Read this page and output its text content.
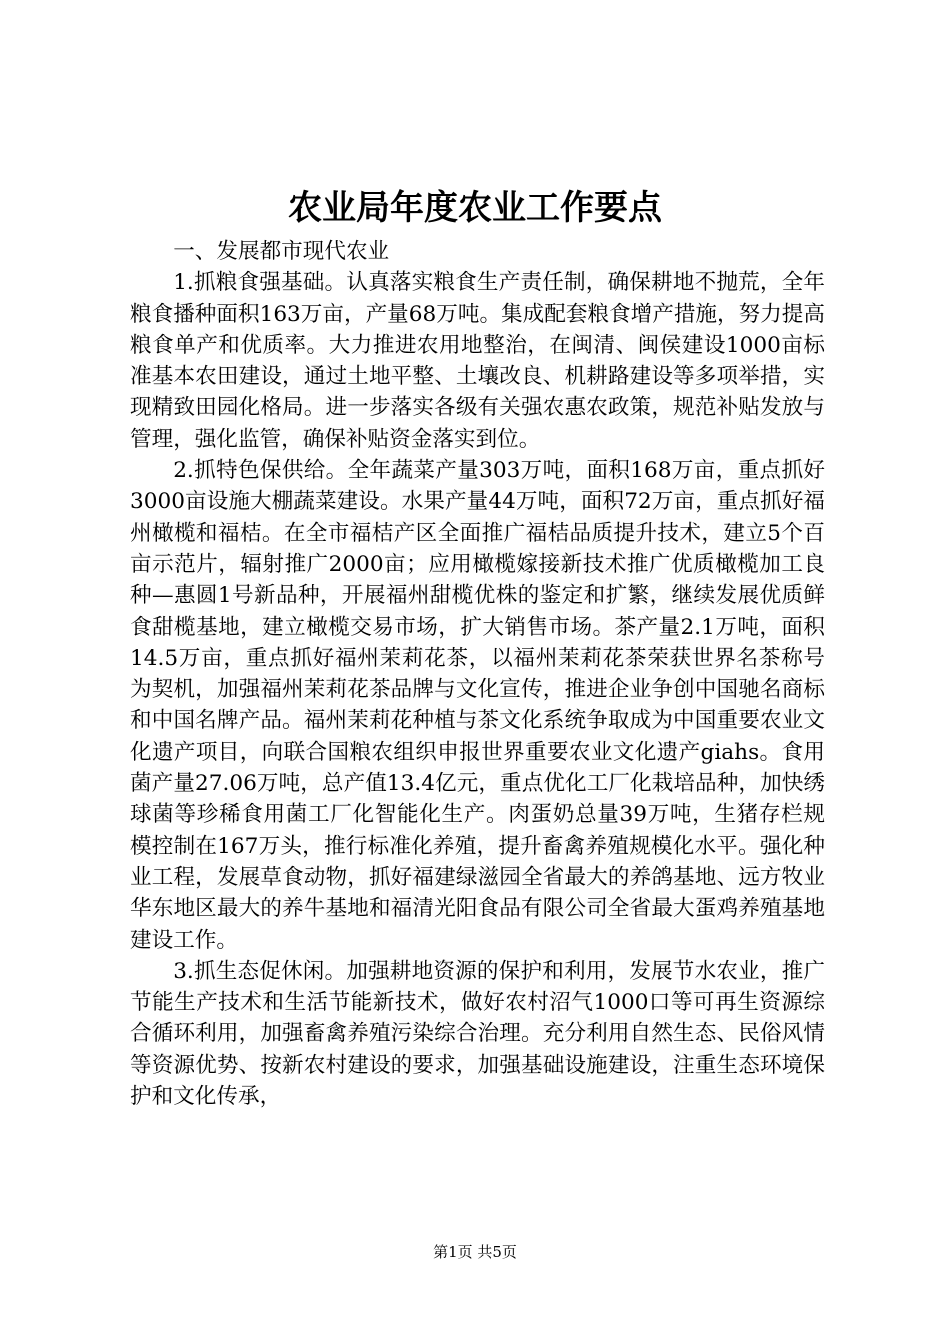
农业局年度农业工作要点

一、发展都市现代农业

1.抓粮食强基础。认真落实粮食生产责任制，确保耕地不抛荒，全年粮食播种面积163万亩，产量68万吨。集成配套粮食增产措施，努力提高粮食单产和优质率。大力推进农用地整治，在闽清、闽侯建设1000亩标准基本农田建设，通过土地平整、土壤改良、机耕路建设等多项举措，实现精致田园化格局。进一步落实各级有关强农惠农政策，规范补贴发放与管理，强化监管，确保补贴资金落实到位。

2.抓特色保供给。全年蔬菜产量303万吨，面积168万亩，重点抓好3000亩设施大棚蔬菜建设。水果产量44万吨，面积72万亩，重点抓好福州橄榄和福桔。在全市福桔产区全面推广福桔品质提升技术，建立5个百亩示范片，辐射推广2000亩；应用橄榄嫁接新技术推广优质橄榄加工良种—惠圆1号新品种，开展福州甜榄优株的鉴定和扩繁，继续发展优质鲜食甜榄基地，建立橄榄交易市场，扩大销售市场。茶产量2.1万吨，面积14.5万亩，重点抓好福州茉莉花茶，以福州茉莉花茶荣获世界名茶称号为契机，加强福州茉莉花茶品牌与文化宣传，推进企业争创中国驰名商标和中国名牌产品。福州茉莉花种植与茶文化系统争取成为中国重要农业文化遗产项目，向联合国粮农组织申报世界重要农业文化遗产giahs。食用菌产量27.06万吨，总产值13.4亿元，重点优化工厂化栽培品种，加快绣球菌等珍稀食用菌工厂化智能化生产。肉蛋奶总量39万吨，生猪存栏规模控制在167万头，推行标准化养殖，提升畜禽养殖规模化水平。强化种业工程，发展草食动物，抓好福建绿滋园全省最大的养鸽基地、远方牧业华东地区最大的养牛基地和福清光阳食品有限公司全省最大蛋鸡养殖基地建设工作。

3.抓生态促休闲。加强耕地资源的保护和利用，发展节水农业，推广节能生产技术和生活节能新技术，做好农村沼气1000口等可再生资源综合循环利用，加强畜禽养殖污染综合治理。充分利用自然生态、民俗风情等资源优势、按新农村建设的要求，加强基础设施建设，注重生态环境保护和文化传承，

第1页 共5页
